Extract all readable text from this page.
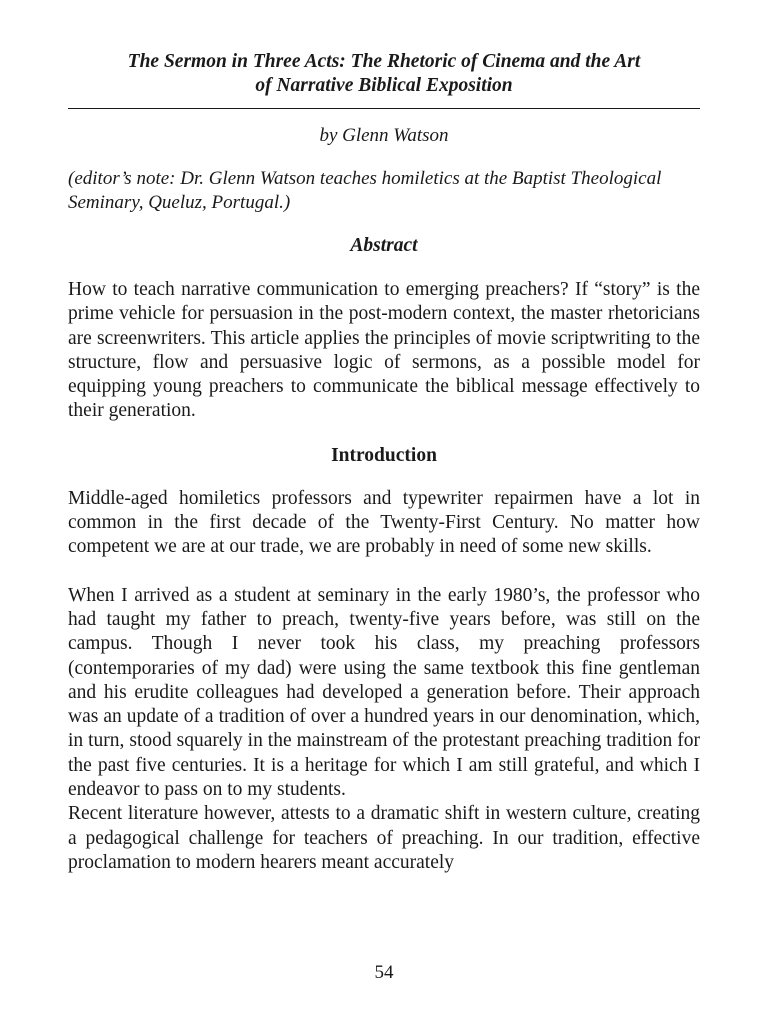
The Sermon in Three Acts: The Rhetoric of Cinema and the Art
of Narrative Biblical Exposition

by Glenn Watson

(editor’s note: Dr. Glenn Watson teaches homiletics at the Baptist Theological Seminary, Queluz, Portugal.)

Abstract

How to teach narrative communication to emerging preachers? If “story” is the prime vehicle for persuasion in the post-modern context, the master rhetoricians are screenwriters. This article applies the principles of movie scriptwriting to the structure, flow and persuasive logic of sermons, as a possible model for equipping young preachers to communicate the biblical message effectively to their generation.

Introduction

Middle-aged homiletics professors and typewriter repairmen have a lot in common in the first decade of the Twenty-First Century. No matter how competent we are at our trade, we are probably in need of some new skills.

When I arrived as a student at seminary in the early 1980’s, the professor who had taught my father to preach, twenty-five years before, was still on the campus. Though I never took his class, my preaching professors (contemporaries of my dad) were using the same textbook this fine gentleman and his erudite colleagues had developed a generation before. Their approach was an update of a tradition of over a hundred years in our denomination, which, in turn, stood squarely in the mainstream of the protestant preaching tradition for the past five centuries. It is a heritage for which I am still grateful, and which I endeavor to pass on to my students.

Recent literature however, attests to a dramatic shift in western culture, creating a pedagogical challenge for teachers of preaching. In our tradition, effective proclamation to modern hearers meant accurately

54
